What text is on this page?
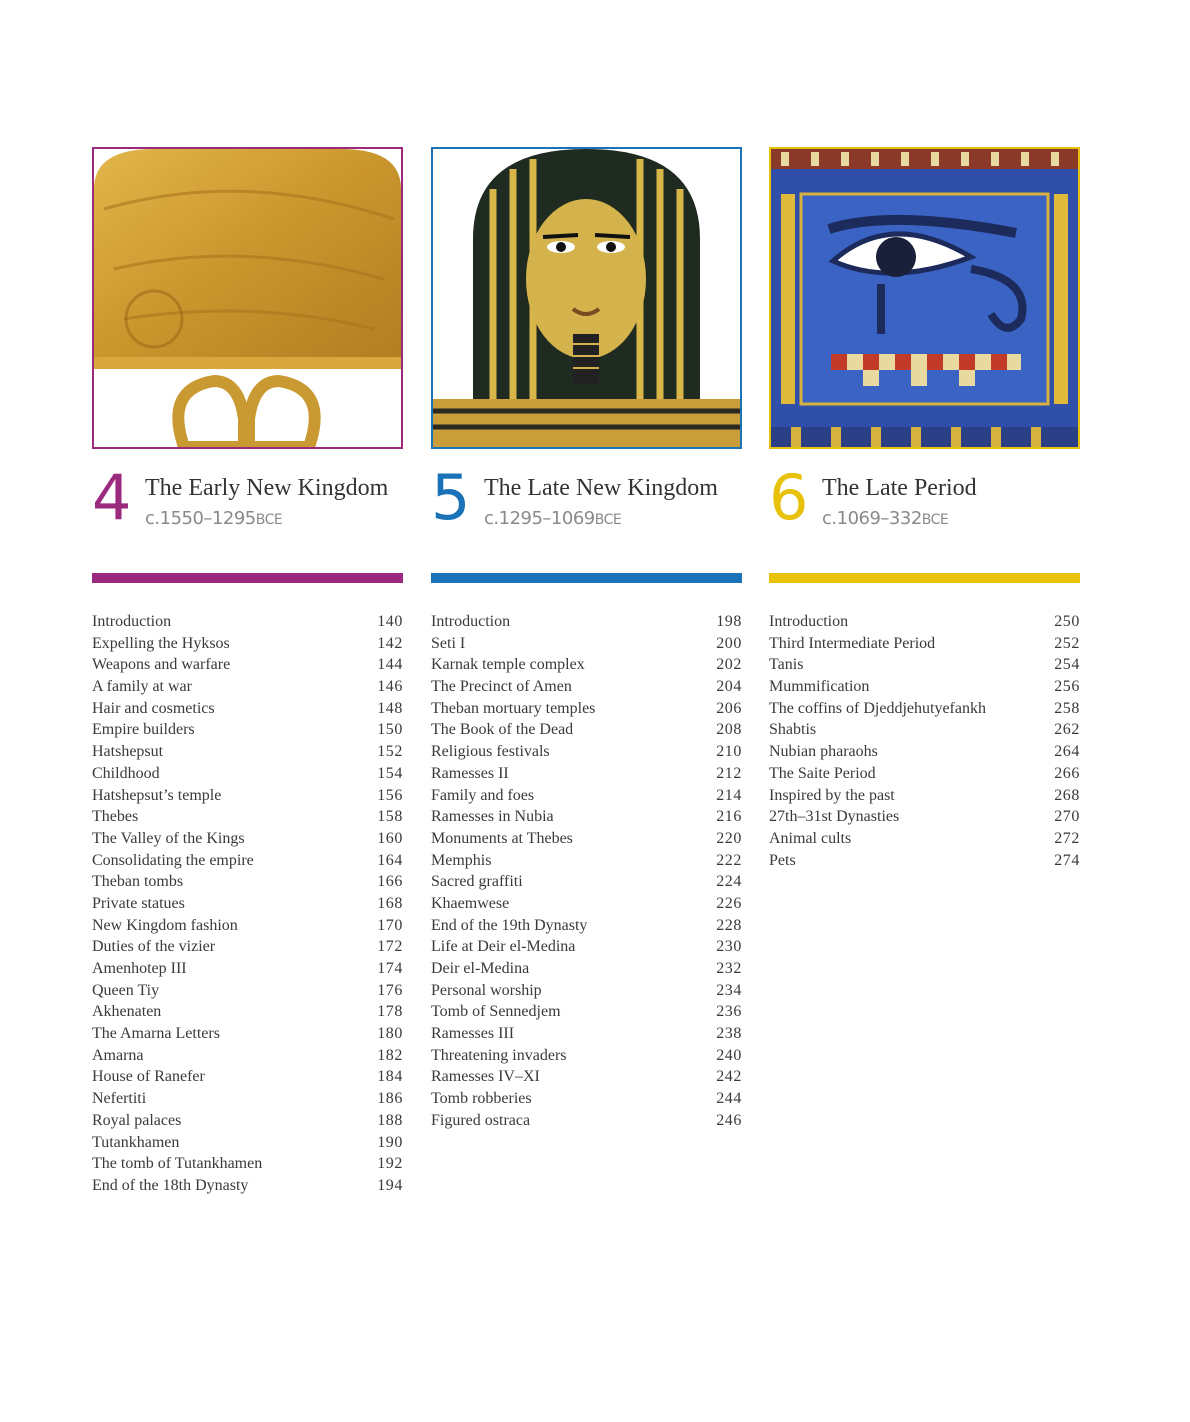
4 The Early New Kingdom
c.1550–1295BCE
Introduction	140
Expelling the Hyksos	142
Weapons and warfare	144
A family at war	146
Hair and cosmetics	148
Empire builders	150
Hatshepsut	152
Childhood	154
Hatshepsut’s temple	156
Thebes	158
The Valley of the Kings	160
Consolidating the empire	164
Theban tombs	166
Private statues	168
New Kingdom fashion	170
Duties of the vizier	172
Amenhotep III	174
Queen Tiy	176
Akhenaten	178
The Amarna Letters	180
Amarna	182
House of Ranefer	184
Nefertiti	186
Royal palaces	188
Tutankhamen	190
The tomb of Tutankhamen	192
End of the 18th Dynasty	194
5 The Late New Kingdom
c.1295–1069BCE
Introduction	198
Seti I	200
Karnak temple complex	202
The Precinct of Amen	204
Theban mortuary temples	206
The Book of the Dead	208
Religious festivals	210
Ramesses II	212
Family and foes	214
Ramesses in Nubia	216
Monuments at Thebes	220
Memphis	222
Sacred graffiti	224
Khaemwese	226
End of the 19th Dynasty	228
Life at Deir el-Medina	230
Deir el-Medina	232
Personal worship	234
Tomb of Sennedjem	236
Ramesses III	238
Threatening invaders	240
Ramesses IV–XI	242
Tomb robberies	244
Figured ostraca	246
6 The Late Period
c.1069–332BCE
Introduction	250
Third Intermediate Period	252
Tanis	254
Mummification	256
The coffins of Djeddjehutyefankh	258
Shabtis	262
Nubian pharaohs	264
The Saite Period	266
Inspired by the past	268
27th–31st Dynasties	270
Animal cults	272
Pets	274
